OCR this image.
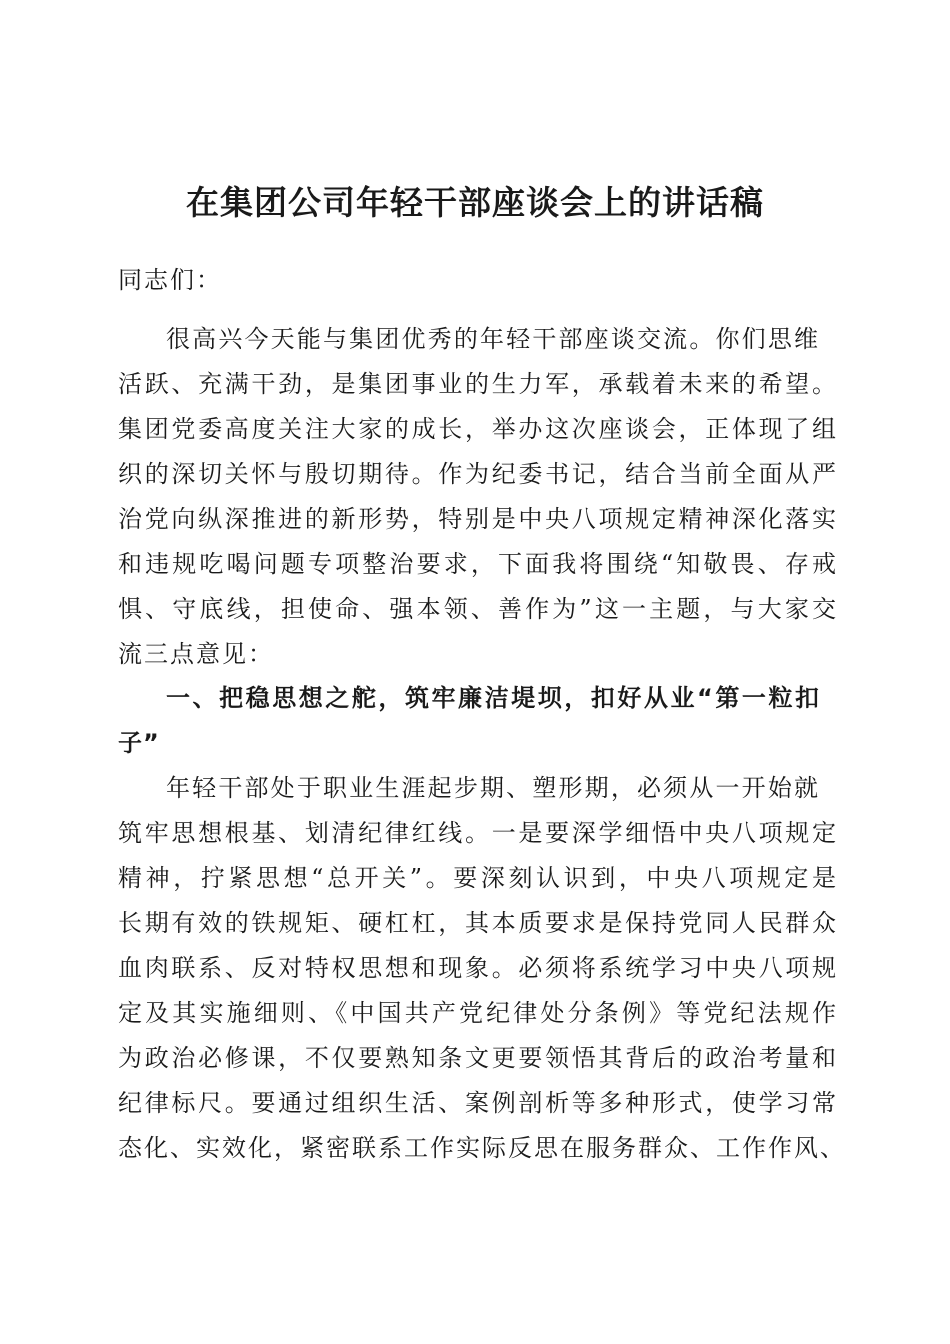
在集团公司年轻干部座谈会上的讲话稿

同志们：

很高兴今天能与集团优秀的年轻干部座谈交流。你们思维

活跃、充满干劲，是集团事业的生力军，承载着未来的希望。

集团党委高度关注大家的成长，举办这次座谈会，正体现了组

织的深切关怀与殷切期待。作为纪委书记，结合当前全面从严

治党向纵深推进的新形势，特别是中央八项规定精神深化落实

和违规吃喝问题专项整治要求，下面我将围绕“知敬畏、存戒

惧、守底线，担使命、强本领、善作为”这一主题，与大家交

流三点意见：

一、把稳思想之舵，筑牢廉洁堤坝，扣好从业“第一粒扣

子”

年轻干部处于职业生涯起步期、塑形期，必须从一开始就

筑牢思想根基、划清纪律红线。一是要深学细悟中央八项规定

精神，拧紧思想“总开关”。要深刻认识到，中央八项规定是

长期有效的铁规矩、硬杠杠，其本质要求是保持党同人民群众

血肉联系、反对特权思想和现象。必须将系统学习中央八项规

定及其实施细则、《中国共产党纪律处分条例》等党纪法规作

为政治必修课，不仅要熟知条文更要领悟其背后的政治考量和

纪律标尺。要通过组织生活、案例剖析等多种形式，使学习常

态化、实效化，紧密联系工作实际反思在服务群众、工作作风、
